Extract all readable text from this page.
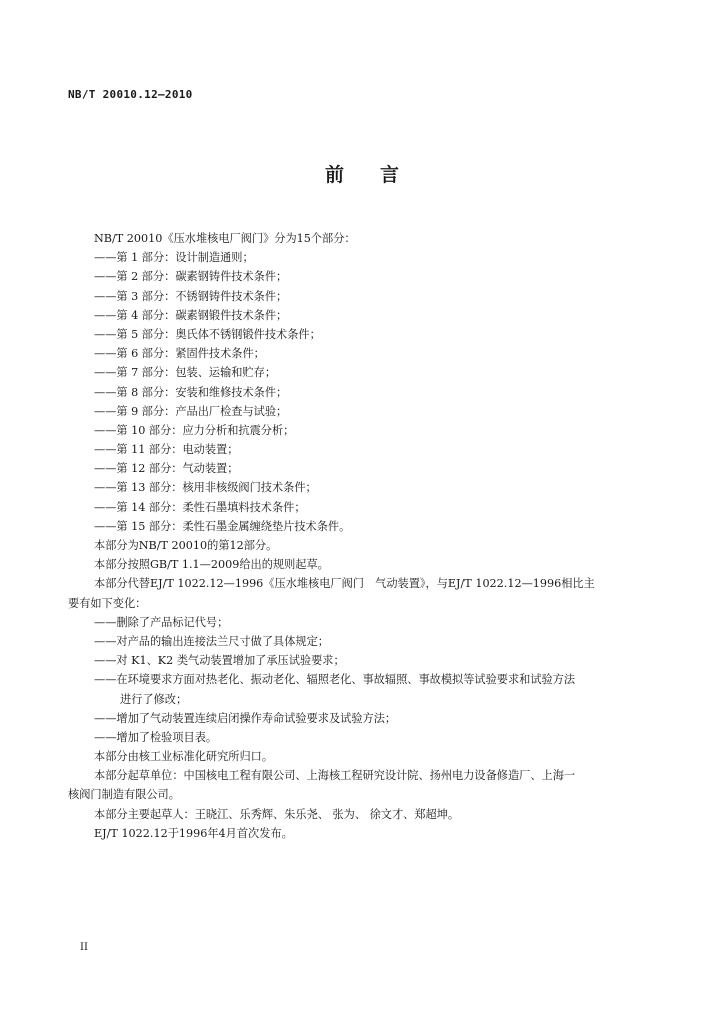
NB/T 20010.12—2010
前 言
NB/T 20010《压水堆核电厂阀门》分为15个部分：
——第 1 部分：设计制造通则；
——第 2 部分：碳素钢铸件技术条件；
——第 3 部分：不锈钢铸件技术条件；
——第 4 部分：碳素钢锻件技术条件；
——第 5 部分：奥氏体不锈钢锻件技术条件；
——第 6 部分：紧固件技术条件；
——第 7 部分：包装、运输和贮存；
——第 8 部分：安装和维修技术条件；
——第 9 部分：产品出厂检查与试验；
——第 10 部分：应力分析和抗震分析；
——第 11 部分：电动装置；
——第 12 部分：气动装置；
——第 13 部分：核用非核级阀门技术条件；
——第 14 部分：柔性石墨填料技术条件；
——第 15 部分：柔性石墨金属缠绕垫片技术条件。
本部分为NB/T 20010的第12部分。
本部分按照GB/T 1.1—2009给出的规则起草。
本部分代替EJ/T 1022.12—1996《压水堆核电厂阀门　气动装置》，与EJ/T 1022.12—1996相比主
要有如下变化：
——删除了产品标记代号；
——对产品的输出连接法兰尺寸做了具体规定；
——对 K1、K2 类气动装置增加了承压试验要求；
——在环境要求方面对热老化、振动老化、辐照老化、事故辐照、事故模拟等试验要求和试验方法
进行了修改；
——增加了气动装置连续启闭操作寿命试验要求及试验方法；
——增加了检验项目表。
本部分由核工业标准化研究所归口。
本部分起草单位：中国核电工程有限公司、上海核工程研究设计院、扬州电力设备修造厂、上海一
核阀门制造有限公司。
本部分主要起草人：王晓江、乐秀辉、朱乐尧、 张为、 徐文才、郑超坤。
EJ/T 1022.12于1996年4月首次发布。
II
